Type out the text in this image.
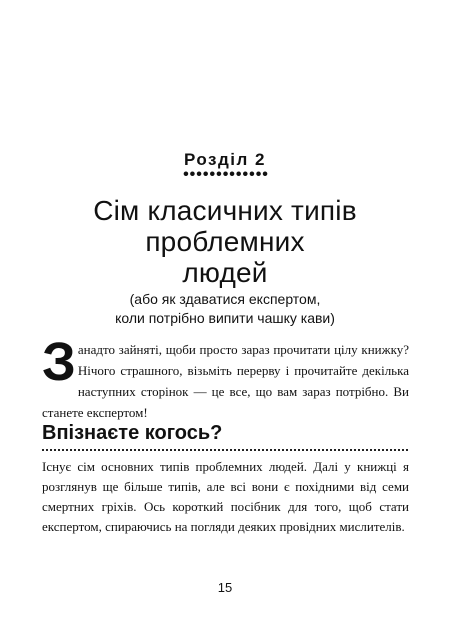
Розділ 2
•••••••••••••
Сім класичних типів
проблемних
людей
(або як здаватися експертом,
коли потрібно випити чашку кави)
З анадто зайняті, щоби просто зараз прочитати цілу книжку? Нічого страшного, візьміть перерву і прочитайте декілька наступних сторінок — це все, що вам зараз потрібно. Ви станете експертом!
Впізнаєте когось?
Існує сім основних типів проблемних людей. Далі у книжці я розглянув ще більше типів, але всі вони є похідними від семи смертних гріхів. Ось короткий посібник для того, щоб стати експертом, спираючись на погляди деяких провідних мислителів.
15
